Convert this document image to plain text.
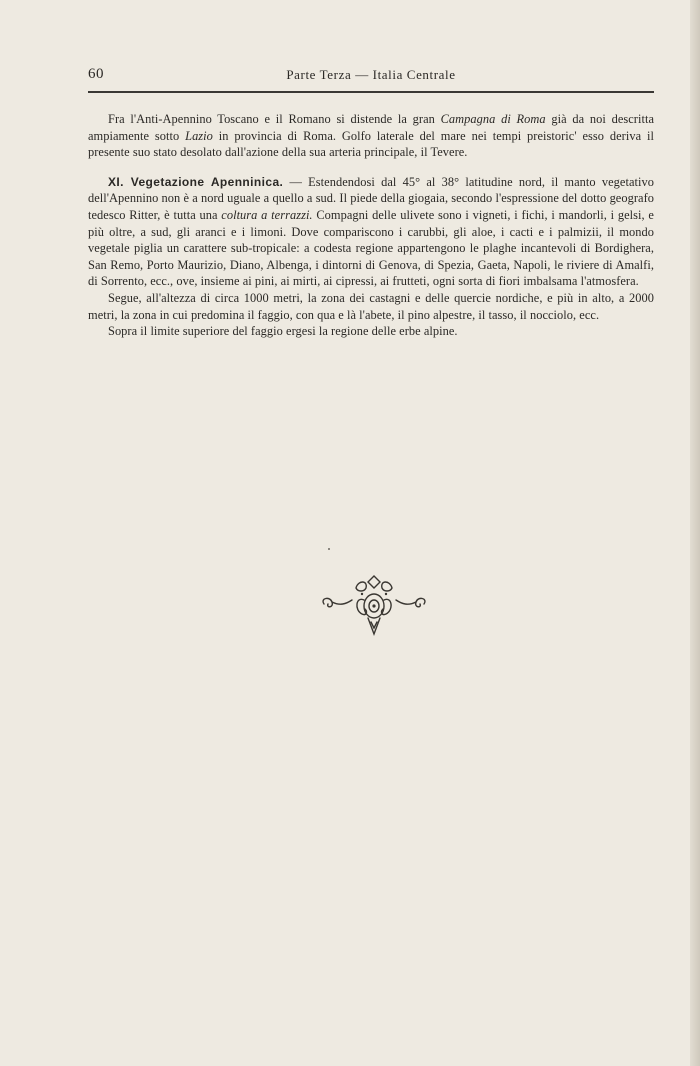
60	Parte Terza — Italia Centrale

Fra l'Anti-Apennino Toscano e il Romano si distende la gran Campagna di Roma già da noi descritta ampiamente sotto Lazio in provincia di Roma. Golfo laterale del mare nei tempi preistoric' esso deriva il presente suo stato desolato dall'azione della sua arteria principale, il Tevere.

XI. Vegetazione Apenninica. — Estendendosi dal 45° al 38° latitudine nord, il manto vegetativo dell'Apennino non è a nord uguale a quello a sud. Il piede della giogaia, secondo l'espressione del dotto geografo tedesco Ritter, è tutta una coltura a terrazzi. Compagni delle ulivete sono i vigneti, i fichi, i mandorli, i gelsi, e più oltre, a sud, gli aranci e i limoni. Dove compariscono i carubbi, gli aloe, i cacti e i palmizii, il mondo vegetale piglia un carattere sub-tropicale: a codesta regione appartengono le plaghe incantevoli di Bordighera, San Remo, Porto Maurizio, Diano, Albenga, i dintorni di Genova, di Spezia, Gaeta, Napoli, le riviere di Amalfi, di Sorrento, ecc., ove, insieme ai pini, ai mirti, ai cipressi, ai frutteti, ogni sorta di fiori imbalsama l'atmosfera.

Segue, all'altezza di circa 1000 metri, la zona dei castagni e delle quercie nordiche, e più in alto, a 2000 metri, la zona in cui predomina il faggio, con qua e là l'abete, il pino alpestre, il tasso, il nocciolo, ecc.

Sopra il limite superiore del faggio ergesi la regione delle erbe alpine.
